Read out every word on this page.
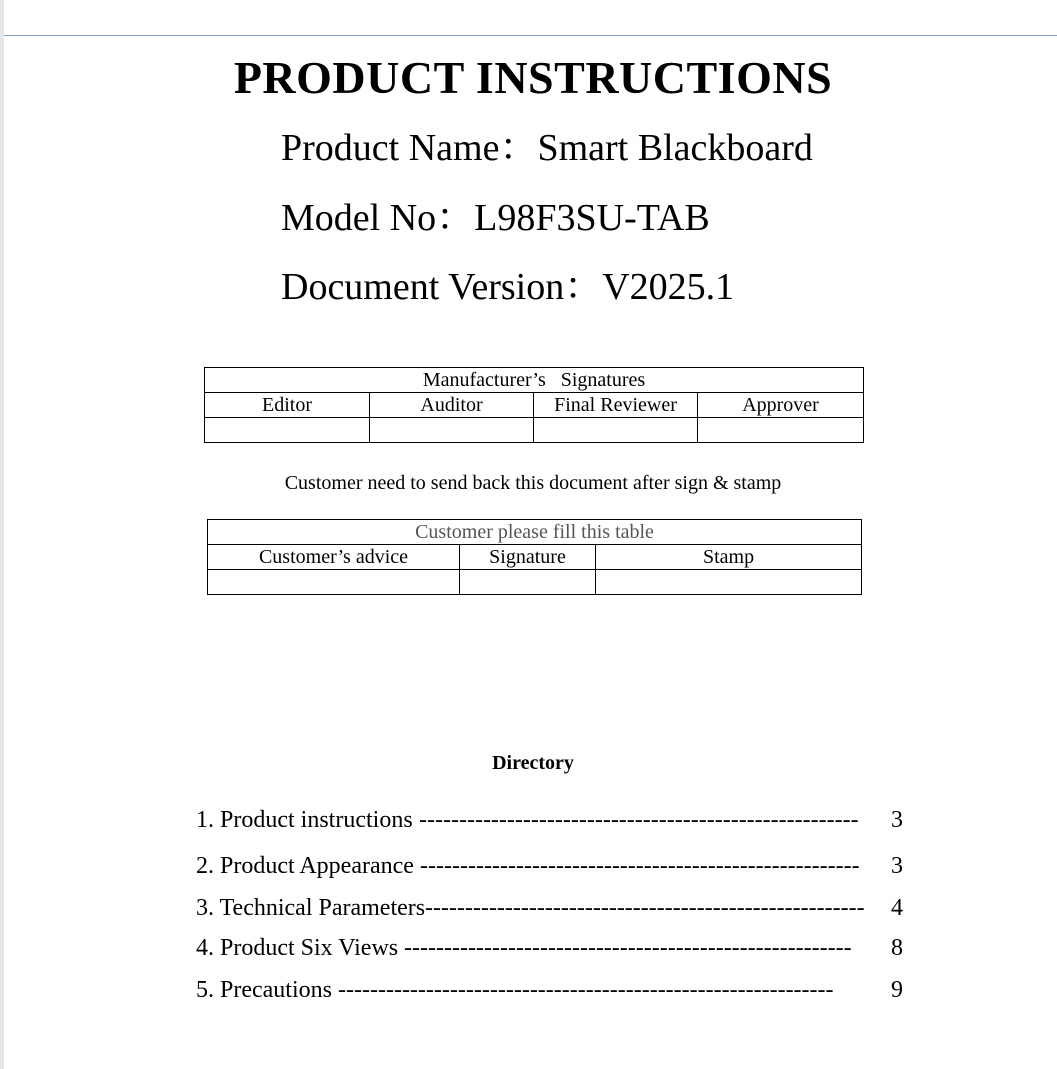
PRODUCT INSTRUCTIONS
Product Name：Smart Blackboard
Model No：L98F3SU-TAB
Document Version：V2025.1
Manufacturer’s   Signatures			
Editor	Auditor	Final Reviewer	Approver

Customer need to send back this document after sign & stamp
Customer please fill this table		
Customer’s advice	Signature	Stamp

Directory
1. Product instructions -------------------------------------------------------	3
2. Product Appearance -------------------------------------------------------	3
3. Technical Parameters -------------------------------------------------------	4
4. Product Six Views --------------------------------------------------------	8
5. Precautions --------------------------------------------------------------	9
